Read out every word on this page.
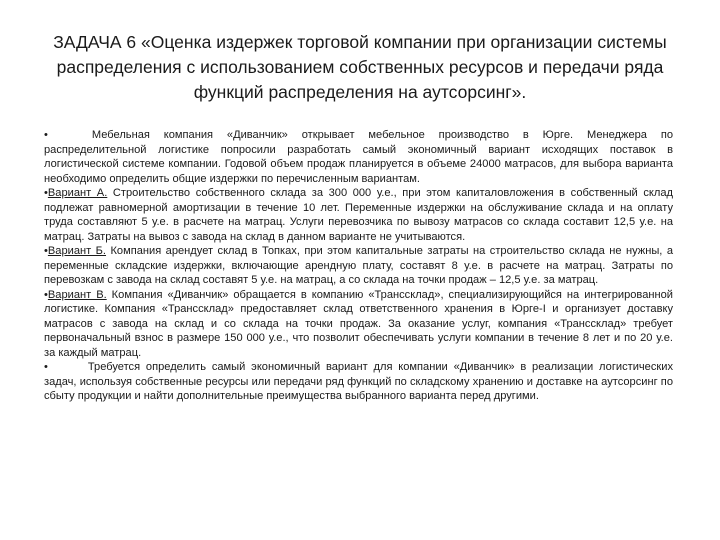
ЗАДАЧА 6 «Оценка издержек торговой компании при организации системы распределения с использованием собственных ресурсов и передачи ряда функций распределения на аутсорсинг».

•	Мебельная компания «Диванчик» открывает мебельное производство в Юрге. Менеджера по распределительной логистике попросили разработать самый экономичный вариант исходящих поставок в логистической системе компании. Годовой объем продаж планируется в объеме 24000 матрасов, для выбора варианта необходимо определить общие издержки по перечисленным вариантам.

•Вариант А. Строительство собственного склада за 300 000 у.е., при этом капиталовложения в собственный склад подлежат равномерной амортизации в течение 10 лет. Переменные издержки на обслуживание склада и на оплату труда составляют 5 у.е. в расчете на матрац. Услуги перевозчика по вывозу матрасов со склада составит 12,5 у.е. на матрац. Затраты на вывоз с завода на склад в данном варианте не учитываются.

•Вариант Б. Компания арендует склад в Топках, при этом капитальные затраты на строительство склада не нужны, а переменные складские издержки, включающие арендную плату, составят 8 у.е. в расчете на матрац. Затраты по перевозкам с завода на склад составят 5 у.е. на матрац, а со склада на точки продаж – 12,5 у.е. за матрац.

•Вариант В. Компания «Диванчик» обращается в компанию «Трансcклад», специализирующийся на интегрированной логистике. Компания «Трансcклад» предоставляет склад ответственного хранения в Юрге-I и организует доставку матрасов с завода на склад и со склада на точки продаж. За оказание услуг, компания «Трансcклад» требует первоначальный взнос в размере 150 000 у.е., что позволит обеспечивать услуги компании в течение 8 лет и по 20 у.е. за каждый матрац.

•	Требуется определить самый экономичный вариант для компании «Диванчик» в реализации логистических задач, используя собственные ресурсы или передачи ряд функций по складскому хранению и доставке на аутсорсинг по сбыту продукции и найти дополнительные преимущества выбранного варианта перед другими.
